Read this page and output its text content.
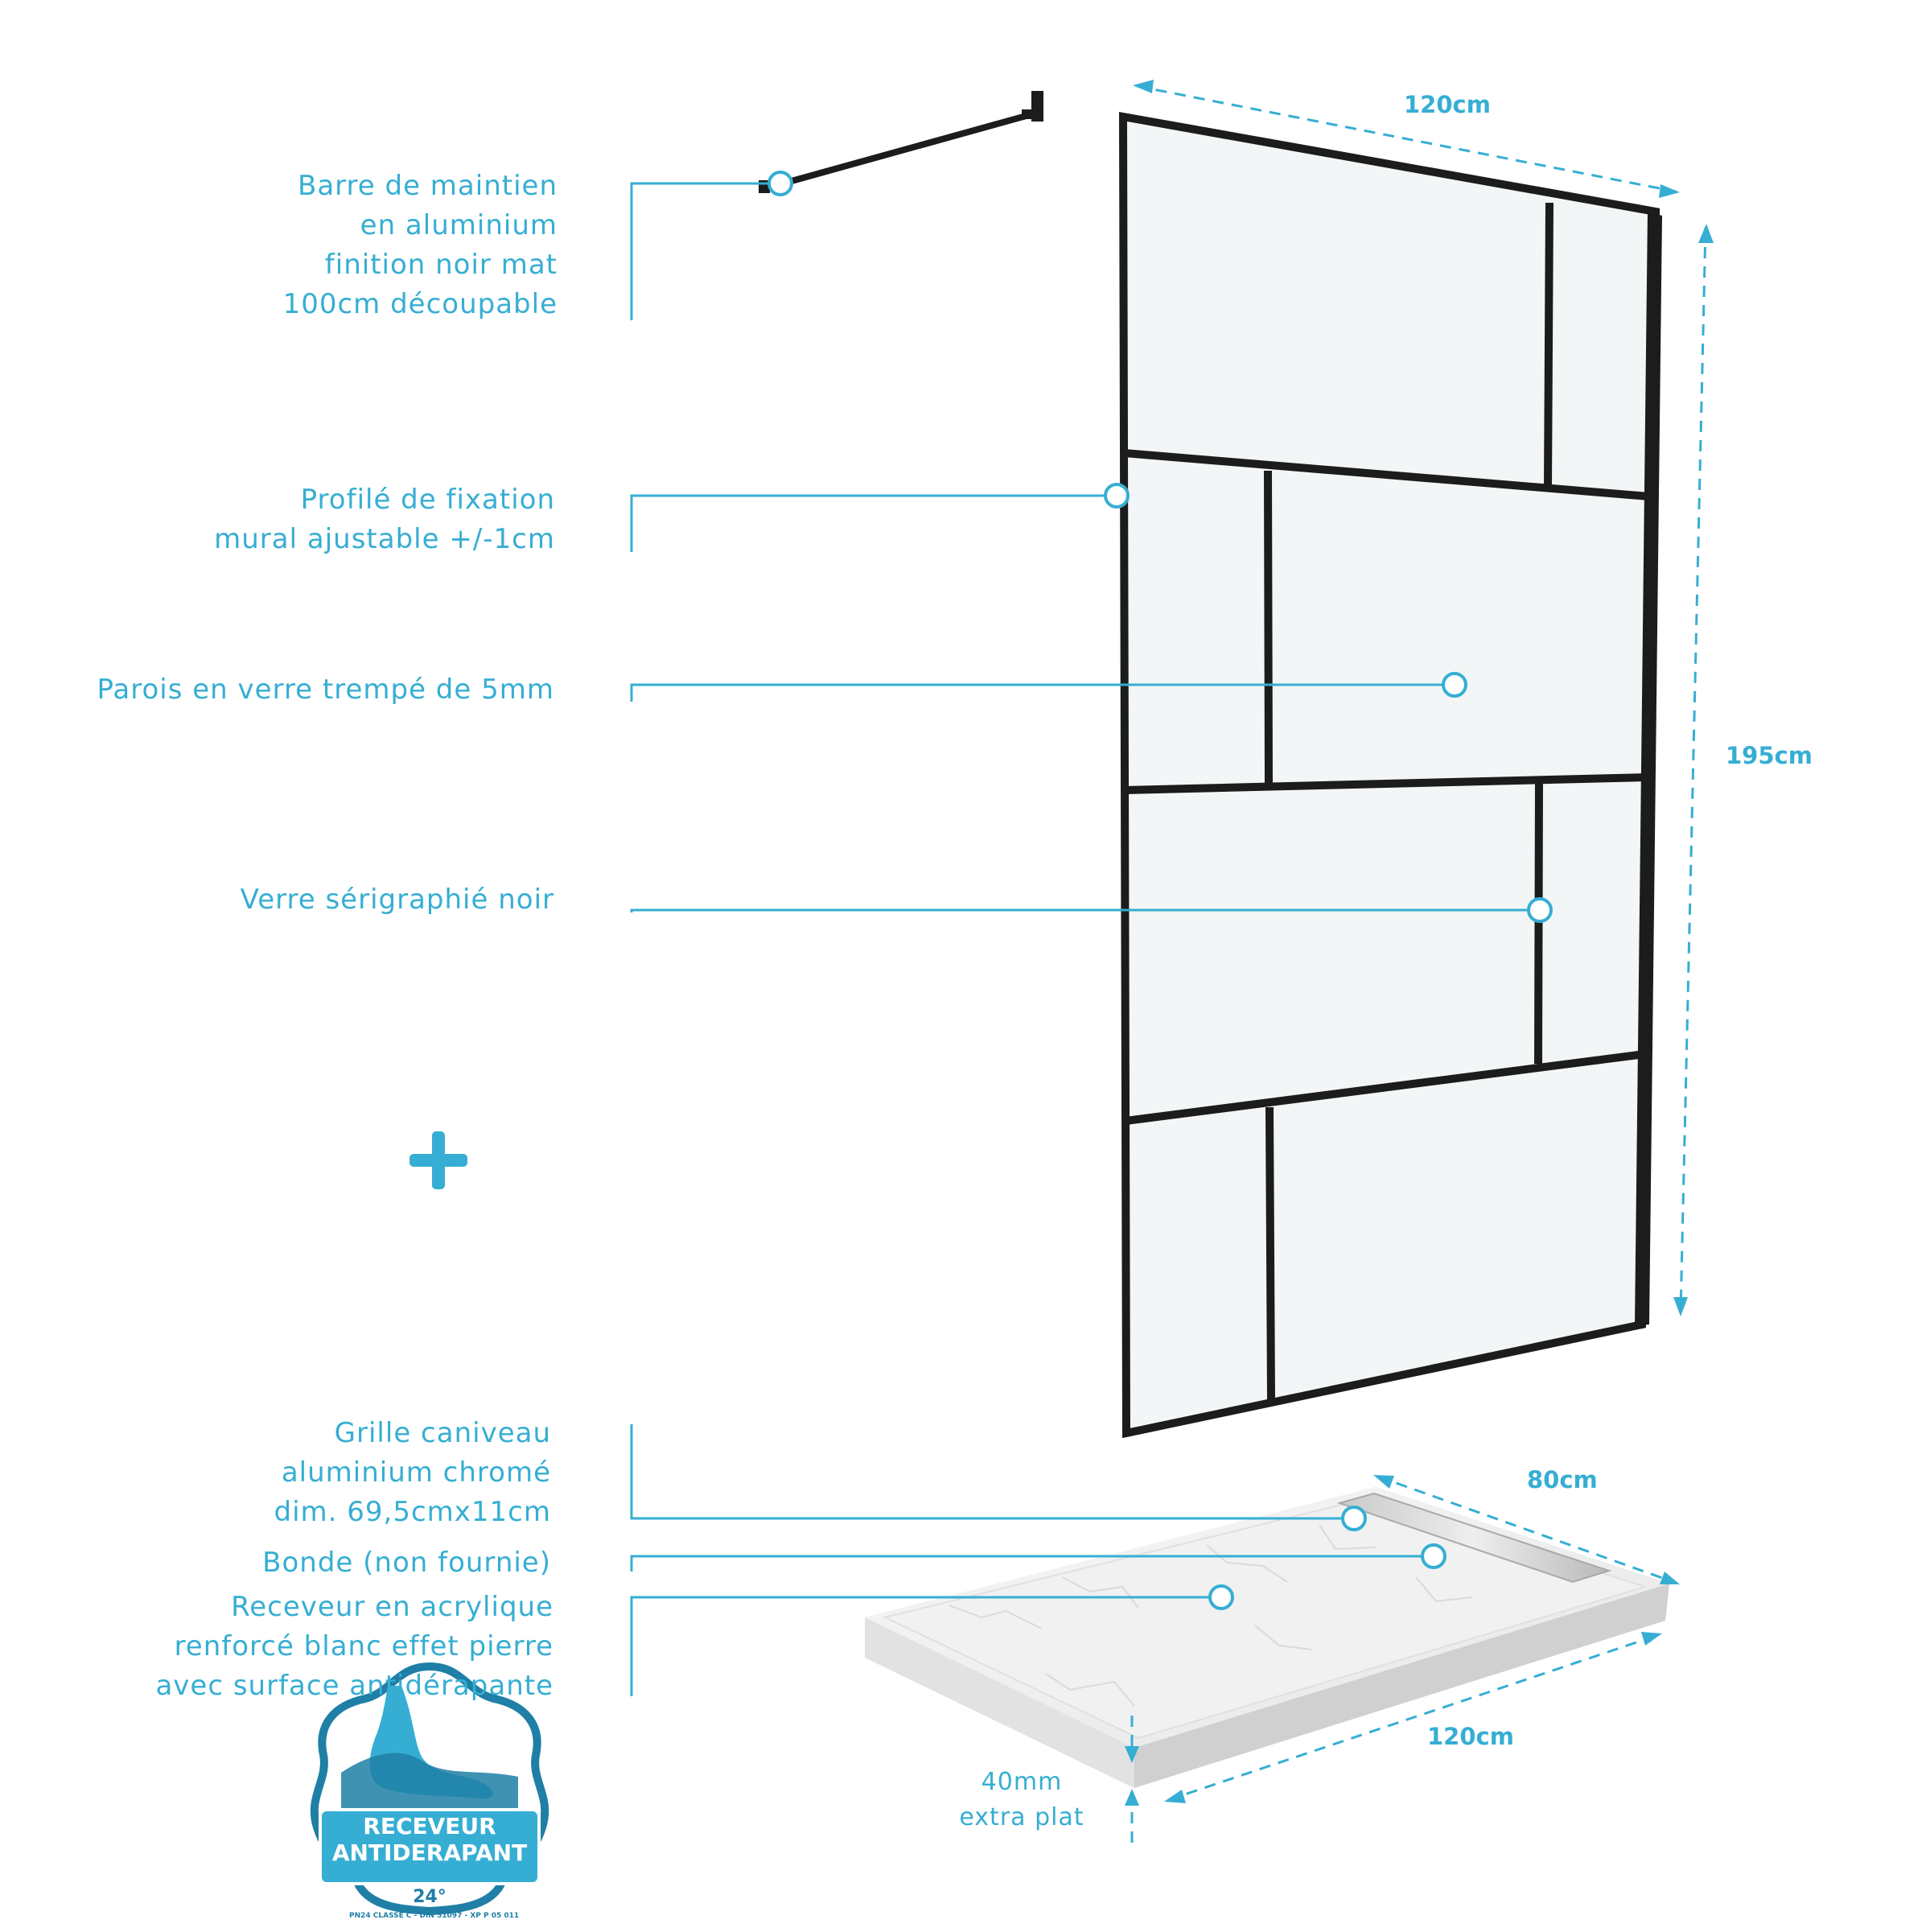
Barre de maintien
en aluminium
finition noir mat
100cm découpable
Profilé de fixation
mural ajustable +/-1cm
Parois en verre trempé de 5mm
Verre sérigraphié noir
Grille caniveau
aluminium chromé
dim. 69,5cmx11cm
Bonde (non fournie)
Receveur en acrylique
renforcé blanc effet pierre
avec surface antidérapante
120cm
195cm
80cm
120cm
40mm
extra plat
RECEVEUR
ANTIDERAPANT
24°
PN24 CLASSE C - DIN 51097 - XP P 05 011
